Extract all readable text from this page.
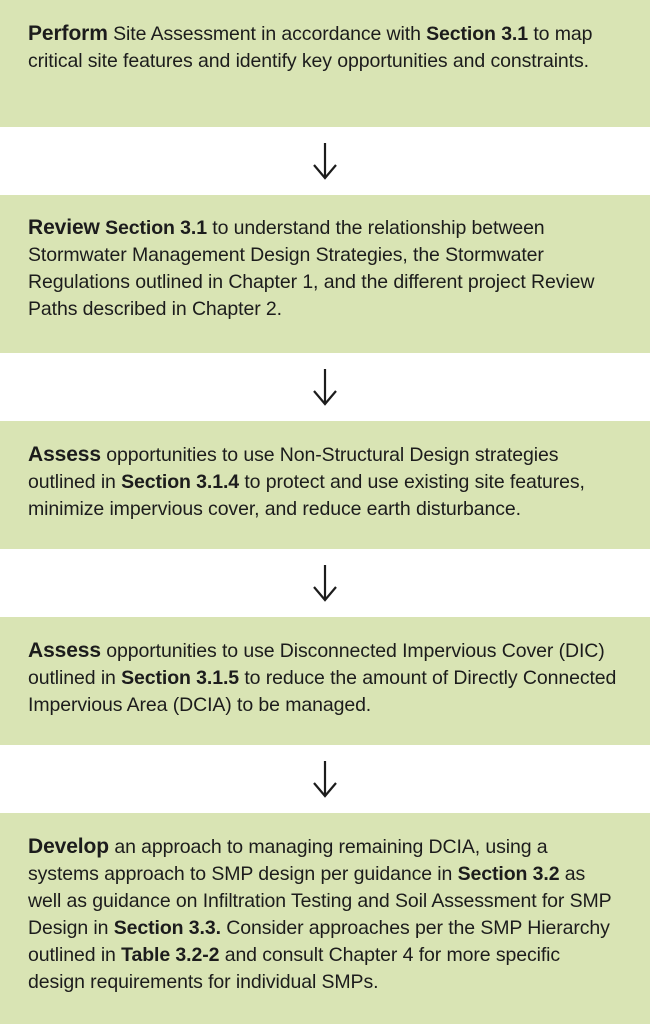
Perform Site Assessment in accordance with Section 3.1 to map critical site features and identify key opportunities and constraints.
Review Section 3.1 to understand the relationship between Stormwater Management Design Strategies, the Stormwater Regulations outlined in Chapter 1, and the different project Review Paths described in Chapter 2.
Assess opportunities to use Non-Structural Design strategies outlined in Section 3.1.4 to protect and use existing site features, minimize impervious cover, and reduce earth disturbance.
Assess opportunities to use Disconnected Impervious Cover (DIC) outlined in Section 3.1.5 to reduce the amount of Directly Connected Impervious Area (DCIA) to be managed.
Develop an approach to managing remaining DCIA, using a systems approach to SMP design per guidance in Section 3.2 as well as guidance on Infiltration Testing and Soil Assessment for SMP Design in Section 3.3. Consider approaches per the SMP Hierarchy outlined in Table 3.2-2 and consult Chapter 4 for more specific design requirements for individual SMPs.
